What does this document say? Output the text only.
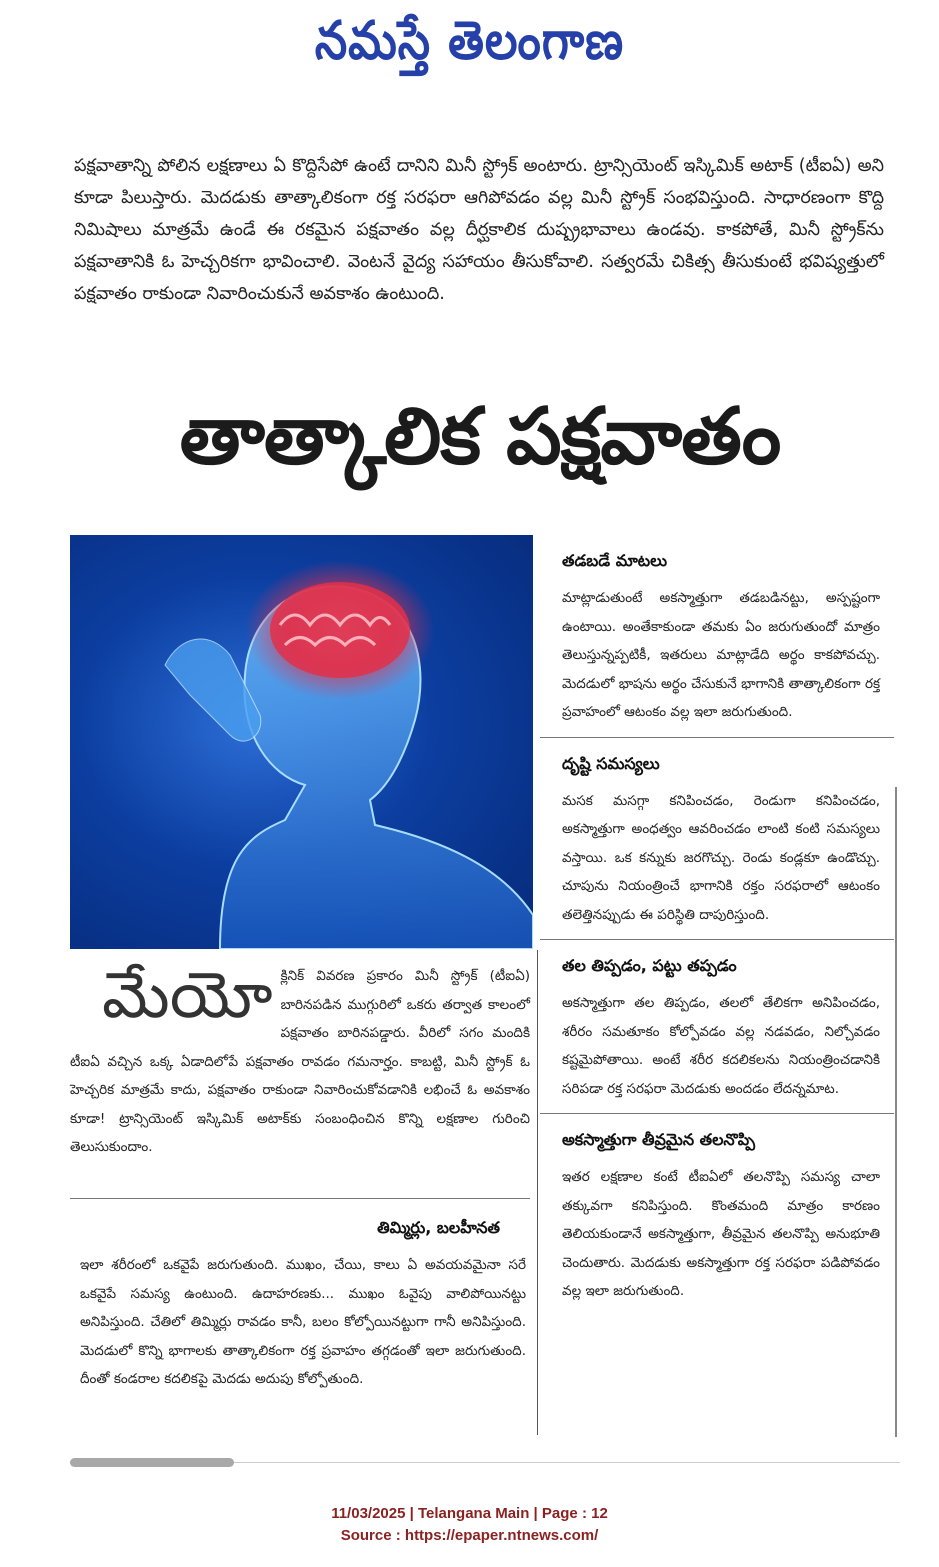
నమస్తే తెలంగాణ
పక్షవాతాన్ని పోలిన లక్షణాలు ఏ కొద్దిసేపో ఉంటే దానిని మినీ స్ట్రోక్ అంటారు. ట్రాన్సియెంట్ ఇస్కిమిక్ అటాక్ (టీఐఏ) అని కూడా పిలుస్తారు. మెదడుకు తాత్కాలికంగా రక్త సరఫరా ఆగిపోవడం వల్ల మినీ స్ట్రోక్ సంభవిస్తుంది. సాధారణంగా కొద్ది నిమిషాలు మాత్రమే ఉండే ఈ రకమైన పక్షవాతం వల్ల దీర్ఘకాలిక దుష్ప్రభావాలు ఉండవు. కాకపోతే, మినీ స్ట్రోక్‌ను పక్షవాతానికి ఓ హెచ్చరికగా భావించాలి. వెంటనే వైద్య సహాయం తీసుకోవాలి. సత్వరమే చికిత్స తీసుకుంటే భవిష్యత్తులో పక్షవాతం రాకుండా నివారించుకునే అవకాశం ఉంటుంది.
తాత్కాలిక పక్షవాతం
తడబడే మాటలు
మాట్లాడుతుంటే అకస్మాత్తుగా తడబడినట్టు, అస్పష్టంగా ఉంటాయి. అంతేకాకుండా తమకు ఏం జరుగుతుందో మాత్రం తెలుస్తున్నప్పటికీ, ఇతరులు మాట్లాడేది అర్థం కాకపోవచ్చు. మెదడులో భాషను అర్థం చేసుకునే భాగానికి తాత్కాలికంగా రక్త ప్రవాహంలో ఆటంకం వల్ల ఇలా జరుగుతుంది.
దృష్టి సమస్యలు
మసక మసగ్గా కనిపించడం, రెండుగా కనిపించడం, అకస్మాత్తుగా అంధత్వం ఆవరించడం లాంటి కంటి సమస్యలు వస్తాయి. ఒక కన్నుకు జరగొచ్చు. రెండు కండ్లకూ ఉండొచ్చు. చూపును నియంత్రించే భాగానికి రక్తం సరఫరాలో ఆటంకం తలెత్తినప్పుడు ఈ పరిస్థితి దాపురిస్తుంది.
తల తిప్పడం, పట్టు తప్పడం
అకస్మాత్తుగా తల తిప్పడం, తలలో తేలికగా అనిపించడం, శరీరం సమతూకం కోల్పోవడం వల్ల నడవడం, నిల్చోవడం కష్టమైపోతాయి. అంటే శరీర కదలికలను నియంత్రించడానికి సరిపడా రక్త సరఫరా మెదడుకు అందడం లేదన్నమాట.
అకస్మాత్తుగా తీవ్రమైన తలనొప్పి
ఇతర లక్షణాల కంటే టీఐఏలో తలనొప్పి సమస్య చాలా తక్కువగా కనిపిస్తుంది. కొంతమంది మాత్రం కారణం తెలియకుండానే అకస్మాత్తుగా, తీవ్రమైన తలనొప్పి అనుభూతి చెందుతారు. మెదడుకు అకస్మాత్తుగా రక్త సరఫరా పడిపోవడం వల్ల ఇలా జరుగుతుంది.
మేయో క్లినిక్ వివరణ ప్రకారం మినీ స్ట్రోక్ (టీఐఏ) బారినపడిన ముగ్గురిలో ఒకరు తర్వాత కాలంలో పక్షవాతం బారినపడ్డారు. వీరిలో సగం మందికి టీఐఏ వచ్చిన ఒక్క ఏడాదిలోపే పక్షవాతం రావడం గమనార్హం. కాబట్టి, మినీ స్ట్రోక్ ఓ హెచ్చరిక మాత్రమే కాదు, పక్షవాతం రాకుండా నివారించుకోవడానికి లభించే ఓ అవకాశం కూడా! ట్రాన్సియెంట్ ఇస్కిమిక్ అటాక్‌కు సంబంధించిన కొన్ని లక్షణాల గురించి తెలుసుకుందాం.
తిమ్మిర్లు, బలహీనత
ఇలా శరీరంలో ఒకవైపే జరుగుతుంది. ముఖం, చేయి, కాలు ఏ అవయవమైనా సరే ఒకవైపే సమస్య ఉంటుంది. ఉదాహరణకు... ముఖం ఓవైపు వాలిపోయినట్టు అనిపిస్తుంది. చేతిలో తిమ్మిర్లు రావడం కానీ, బలం కోల్పోయినట్టుగా గానీ అనిపిస్తుంది. మెదడులో కొన్ని భాగాలకు తాత్కాలికంగా రక్త ప్రవాహం తగ్గడంతో ఇలా జరుగుతుంది. దీంతో కండరాల కదలికపై మెదడు అదుపు కోల్పోతుంది.
11/03/2025 | Telangana Main | Page : 12
Source : https://epaper.ntnews.com/
